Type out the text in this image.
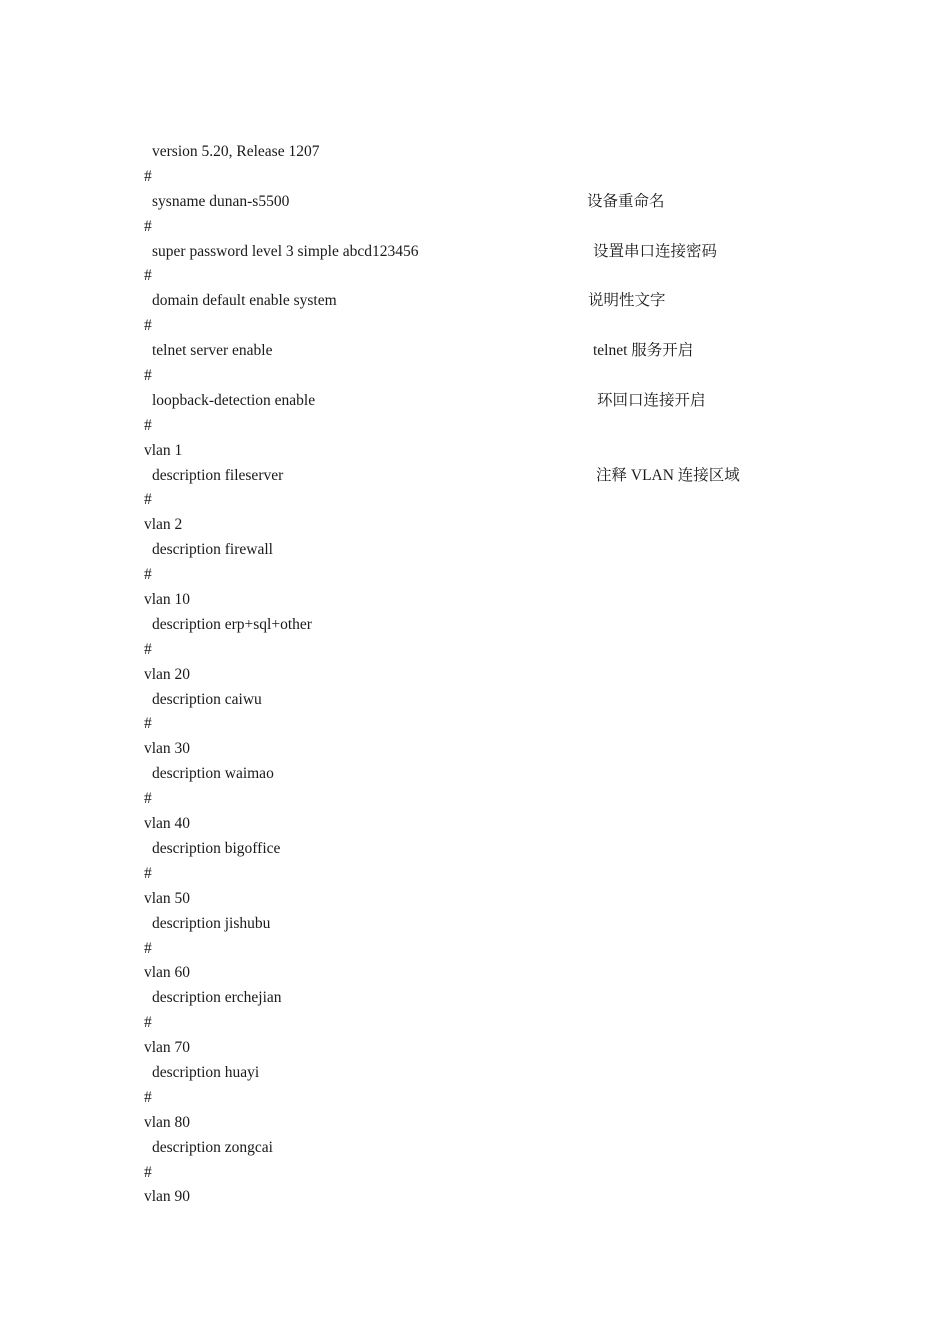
version 5.20, Release 1207
#
sysname dunan-s5500	设备重命名
#
super password level 3 simple abcd123456	设置串口连接密码
#
domain default enable system	说明性文字
#
telnet server enable	telnet 服务开启
#
loopback-detection enable	环回口连接开启
#
vlan 1
description fileserver	注释 VLAN 连接区域
#
vlan 2
description firewall
#
vlan 10
description erp+sql+other
#
vlan 20
description caiwu
#
vlan 30
description waimao
#
vlan 40
description bigoffice
#
vlan 50
description jishubu
#
vlan 60
description erchejian
#
vlan 70
description huayi
#
vlan 80
description zongcai
#
vlan 90
